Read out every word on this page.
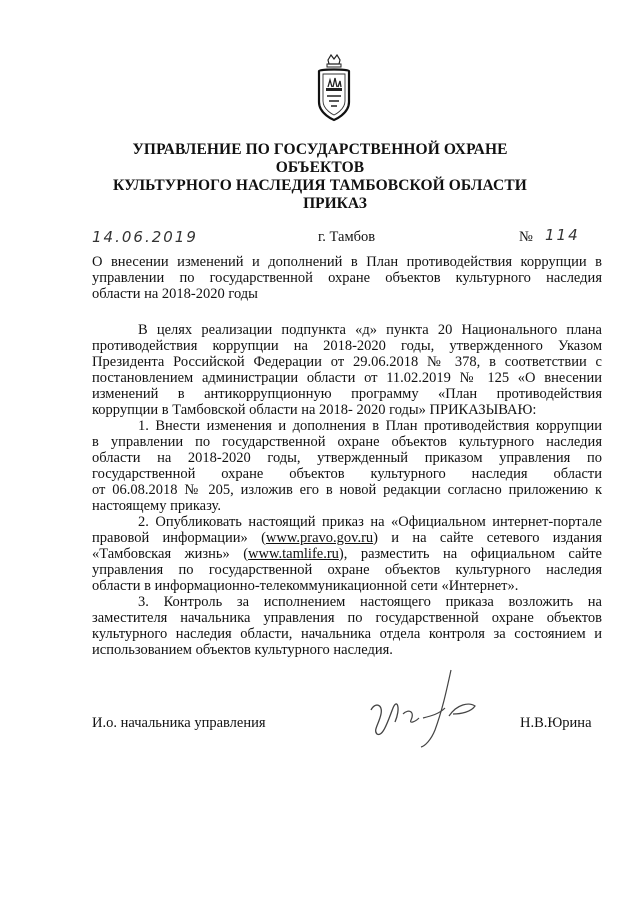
УПРАВЛЕНИЕ ПО ГОСУДАРСТВЕННОЙ ОХРАНЕ ОБЪЕКТОВ
КУЛЬТУРНОГО НАСЛЕДИЯ ТАМБОВСКОЙ ОБЛАСТИ
ПРИКАЗ
14.06.2019	г. Тамбов	№ 114
О внесении изменений и дополнений в План противодействия коррупции в
управлении по государственной охране объектов культурного наследия
области на 2018-2020 годы
В целях реализации подпункта «д» пункта 20 Национального плана
противодействия коррупции на 2018-2020 годы, утвержденного Указом
Президента Российской Федерации от 29.06.2018 № 378, в соответствии с
постановлением администрации области от 11.02.2019 № 125 «О внесении
изменений в антикоррупционную программу «План противодействия
коррупции в Тамбовской области на 2018- 2020 годы» ПРИКАЗЫВАЮ:
1. Внести изменения и дополнения в План противодействия коррупции
в управлении по государственной охране объектов культурного наследия
области на 2018-2020 годы, утвержденный приказом управления по
государственной охране объектов культурного наследия области
от 06.08.2018 № 205, изложив его в новой редакции согласно приложению к
настоящему приказу.
2. Опубликовать настоящий приказ на «Официальном интернет-портале
правовой информации» (www.pravo.gov.ru) и на сайте сетевого издания
«Тамбовская жизнь» (www.tamlife.ru), разместить на официальном сайте
управления по государственной охране объектов культурного наследия
области в информационно-телекоммуникационной сети «Интернет».
3. Контроль за исполнением настоящего приказа возложить на
заместителя начальника управления по государственной охране объектов
культурного наследия области, начальника отдела контроля за состоянием и
использованием объектов культурного наследия.
И.о. начальника управления	Н.В.Юрина
